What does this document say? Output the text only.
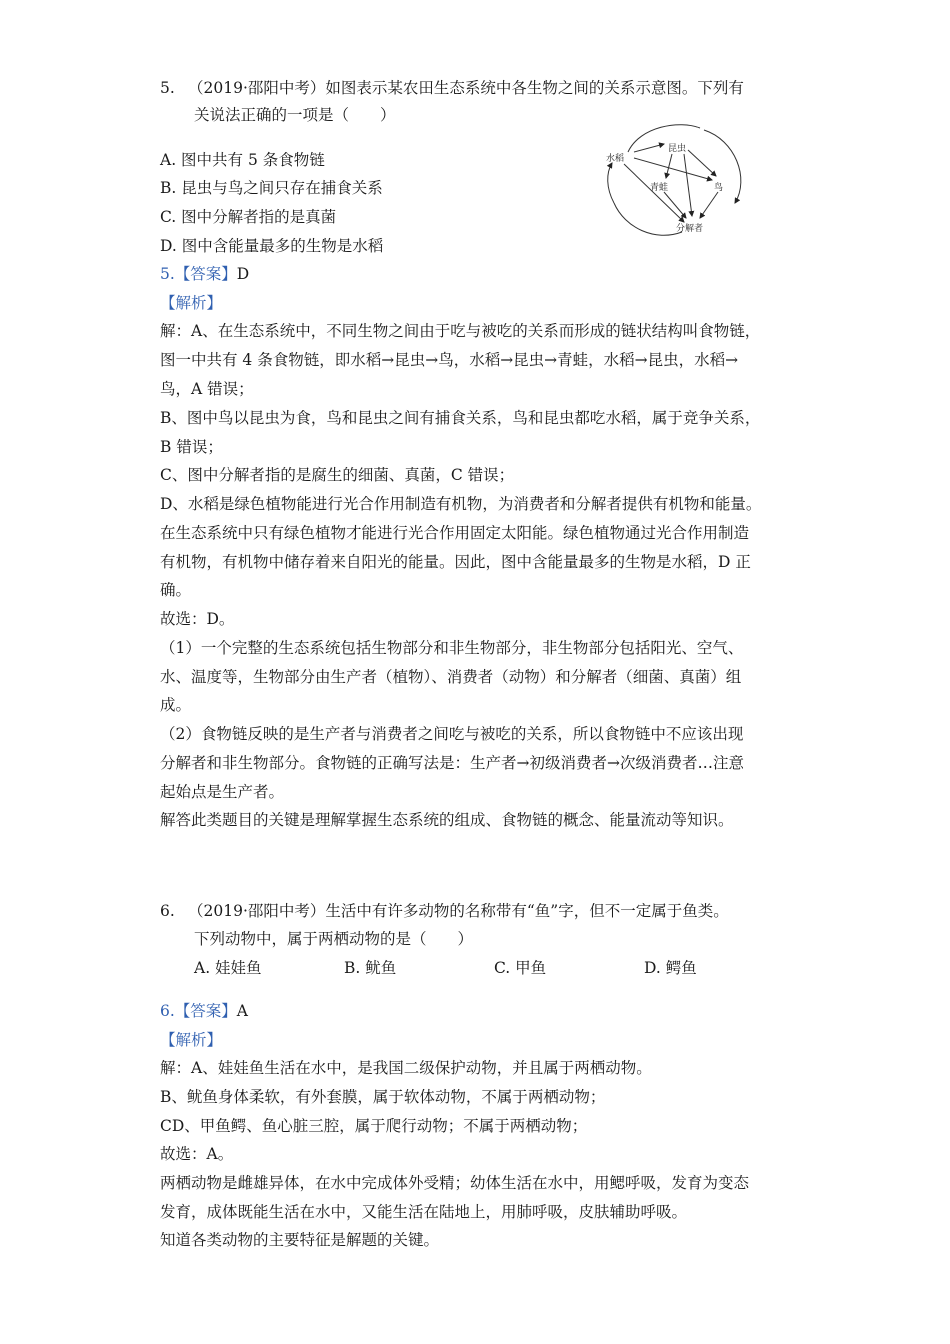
5. （2019·邵阳中考）如图表示某农田生态系统中各生物之间的关系示意图。下列有
关说法正确的一项是（　　）
A. 图中共有 5 条食物链
B. 昆虫与鸟之间只存在捕食关系
C. 图中分解者指的是真菌
D. 图中含能量最多的生物是水稻
水稻
昆虫
青蛙	鸟
分解者
5.【答案】D
【解析】
解：A、在生态系统中，不同生物之间由于吃与被吃的关系而形成的链状结构叫食物链，
图一中共有 4 条食物链，即水稻→昆虫→鸟，水稻→昆虫→青蛙，水稻→昆虫，水稻→
鸟，A 错误；
B、图中鸟以昆虫为食，鸟和昆虫之间有捕食关系，鸟和昆虫都吃水稻，属于竞争关系，
B 错误；
C、图中分解者指的是腐生的细菌、真菌，C 错误；
D、水稻是绿色植物能进行光合作用制造有机物，为消费者和分解者提供有机物和能量。
在生态系统中只有绿色植物才能进行光合作用固定太阳能。绿色植物通过光合作用制造
有机物，有机物中储存着来自阳光的能量。因此，图中含能量最多的生物是水稻，D 正
确。
故选：D。
（1）一个完整的生态系统包括生物部分和非生物部分，非生物部分包括阳光、空气、
水、温度等，生物部分由生产者（植物）、消费者（动物）和分解者（细菌、真菌）组
成。
（2）食物链反映的是生产者与消费者之间吃与被吃的关系，所以食物链中不应该出现
分解者和非生物部分。食物链的正确写法是：生产者→初级消费者→次级消费者…注意
起始点是生产者。
解答此类题目的关键是理解掌握生态系统的组成、食物链的概念、能量流动等知识。
6. （2019·邵阳中考）生活中有许多动物的名称带有“鱼”字，但不一定属于鱼类。
下列动物中，属于两栖动物的是（　　）
A. 娃娃鱼	B. 鱿鱼	C. 甲鱼	D. 鳄鱼
6.【答案】A
【解析】
解：A、娃娃鱼生活在水中，是我国二级保护动物，并且属于两栖动物。
B、鱿鱼身体柔软，有外套膜，属于软体动物，不属于两栖动物；
CD、甲鱼鳄、鱼心脏三腔，属于爬行动物；不属于两栖动物；
故选：A。
两栖动物是雌雄异体，在水中完成体外受精；幼体生活在水中，用鳃呼吸，发育为变态
发育，成体既能生活在水中，又能生活在陆地上，用肺呼吸，皮肤辅助呼吸。
知道各类动物的主要特征是解题的关键。
